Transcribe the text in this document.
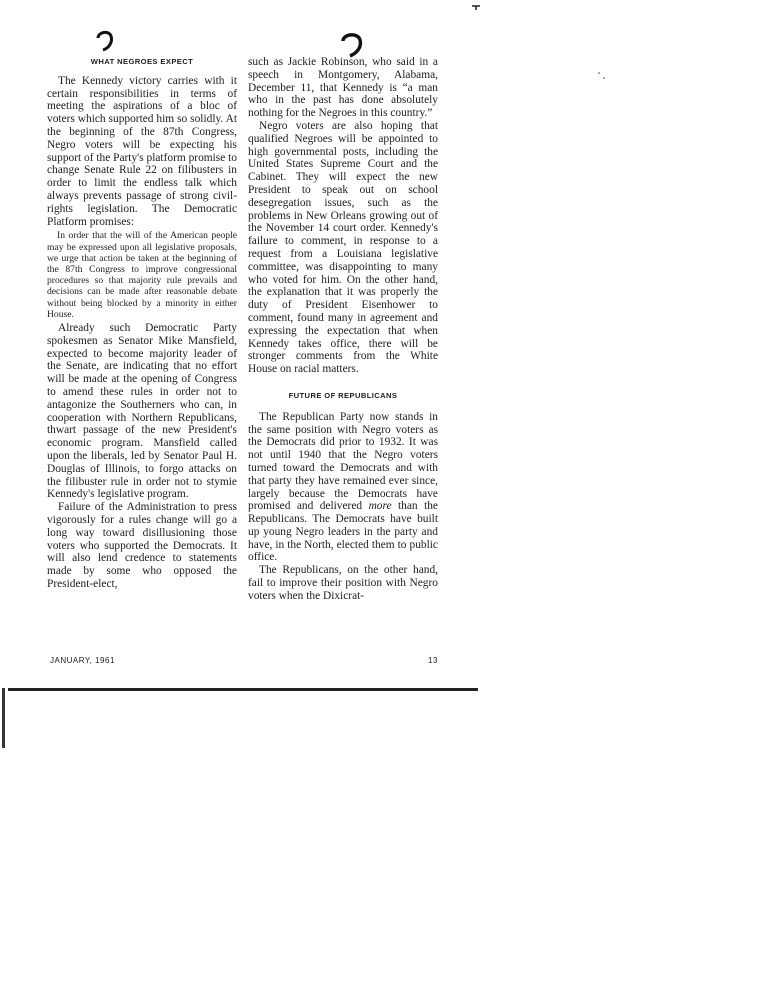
WHAT NEGROES EXPECT

The Kennedy victory carries with it certain responsibilities in terms of meeting the aspirations of a bloc of voters which supported him so solidly. At the beginning of the 87th Congress, Negro voters will be expecting his support of the Party's platform promise to change Senate Rule 22 on filibusters in order to limit the endless talk which always prevents passage of strong civilrights legislation. The Democratic Platform promises:

In order that the will of the American people may be expressed upon all legislative proposals, we urge that action be taken at the beginning of the 87th Congress to improve congressional procedures so that majority rule prevails and decisions can be made after reasonable debate without being blocked by a minority in either House.

Already such Democratic Party spokesmen as Senator Mike Mansfield, expected to become majority leader of the Senate, are indicating that no effort will be made at the opening of Congress to amend these rules in order not to antagonize the Southerners who can, in cooperation with Northern Republicans, thwart passage of the new President's economic program. Mansfield called upon the liberals, led by Senator Paul H. Douglas of Illinois, to forgo attacks on the filibuster rule in order not to stymie Kennedy's legislative program.

Failure of the Administration to press vigorously for a rules change will go a long way toward disillusioning those voters who supported the Democrats. It will also lend credence to statements made by some who opposed the President-elect,

such as Jackie Robinson, who said in a speech in Montgomery, Alabama, December 11, that Kennedy is “a man who in the past has done absolutely nothing for the Negroes in this country.”

Negro voters are also hoping that qualified Negroes will be appointed to high governmental posts, including the United States Supreme Court and the Cabinet. They will expect the new President to speak out on school desegregation issues, such as the problems in New Orleans growing out of the November 14 court order. Kennedy's failure to comment, in response to a request from a Louisiana legislative committee, was disappointing to many who voted for him. On the other hand, the explanation that it was properly the duty of President Eisenhower to comment, found many in agreement and expressing the expectation that when Kennedy takes office, there will be stronger comments from the White House on racial matters.

FUTURE OF REPUBLICANS

The Republican Party now stands in the same position with Negro voters as the Democrats did prior to 1932. It was not until 1940 that the Negro voters turned toward the Democrats and with that party they have remained ever since, largely because the Democrats have promised and delivered more than the Republicans. The Democrats have built up young Negro leaders in the party and have, in the North, elected them to public office.

The Republicans, on the other hand, fail to improve their position with Negro voters when the Dixicrat-

JANUARY, 1961	13
